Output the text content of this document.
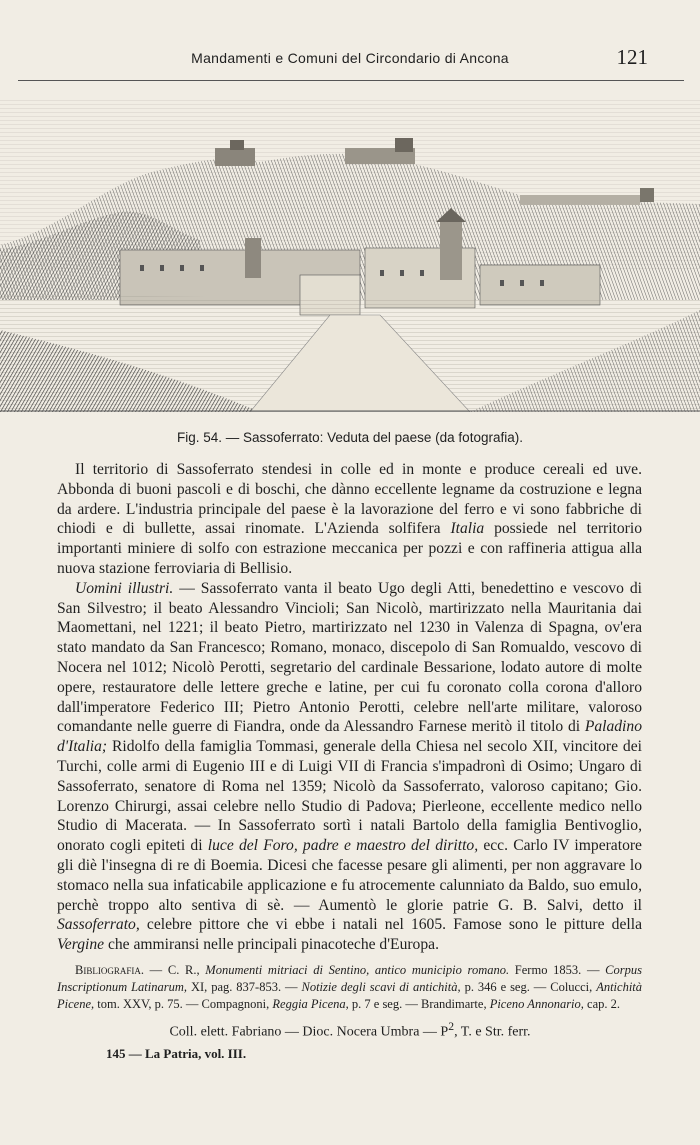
Mandamenti e Comuni del Circondario di Ancona	121
Fig. 54. — Sassoferrato: Veduta del paese (da fotografia).

Il territorio di Sassoferrato stendesi in colle ed in monte e produce cereali ed uve. Abbonda di buoni pascoli e di boschi, che dànno eccellente legname da costruzione e legna da ardere. L'industria principale del paese è la lavorazione del ferro e vi sono fabbriche di chiodi e di bullette, assai rinomate. L'Azienda solfifera Italia possiede nel territorio importanti miniere di solfo con estrazione meccanica per pozzi e con raffineria attigua alla nuova stazione ferroviaria di Bellisio.

Uomini illustri. — Sassoferrato vanta il beato Ugo degli Atti, benedettino e vescovo di San Silvestro; il beato Alessandro Vincioli; San Nicolò, martirizzato nella Mauritania dai Maomettani, nel 1221; il beato Pietro, martirizzato nel 1230 in Valenza di Spagna, ov'era stato mandato da San Francesco; Romano, monaco, discepolo di San Romualdo, vescovo di Nocera nel 1012; Nicolò Perotti, segretario del cardinale Bessarione, lodato autore di molte opere, restauratore delle lettere greche e latine, per cui fu coronato colla corona d'alloro dall'imperatore Federico III; Pietro Antonio Perotti, celebre nell'arte militare, valoroso comandante nelle guerre di Fiandra, onde da Alessandro Farnese meritò il titolo di Paladino d'Italia; Ridolfo della famiglia Tommasi, generale della Chiesa nel secolo XII, vincitore dei Turchi, colle armi di Eugenio III e di Luigi VII di Francia s'impadronì di Osimo; Ungaro di Sassoferrato, senatore di Roma nel 1359; Nicolò da Sassoferrato, valoroso capitano; Gio. Lorenzo Chirurgi, assai celebre nello Studio di Padova; Pierleone, eccellente medico nello Studio di Macerata. — In Sassoferrato sortì i natali Bartolo della famiglia Bentivoglio, onorato cogli epiteti di luce del Foro, padre e maestro del diritto, ecc. Carlo IV imperatore gli diè l'insegna di re di Boemia. Dicesi che facesse pesare gli alimenti, per non aggravare lo stomaco nella sua infaticabile applicazione e fu atrocemente calunniato da Baldo, suo emulo, perchè troppo alto sentiva di sè. — Aumentò le glorie patrie G. B. Salvi, detto il Sassoferrato, celebre pittore che vi ebbe i natali nel 1605. Famose sono le pitture della Vergine che ammiransi nelle principali pinacoteche d'Europa.

Bibliografia. — C. R., Monumenti mitriaci di Sentino, antico municipio romano. Fermo 1853. — Corpus Inscriptionum Latinarum, XI, pag. 837-853. — Notizie degli scavi di antichità, p. 346 e seg. — Colucci, Antichità Picene, tom. XXV, p. 75. — Compagnoni, Reggia Picena, p. 7 e seg. — Brandimarte, Piceno Annonario, cap. 2.
Coll. elett. Fabriano — Dioc. Nocera Umbra — $P^2$, T. e Str. ferr.
145 — La Patria, vol. III.
